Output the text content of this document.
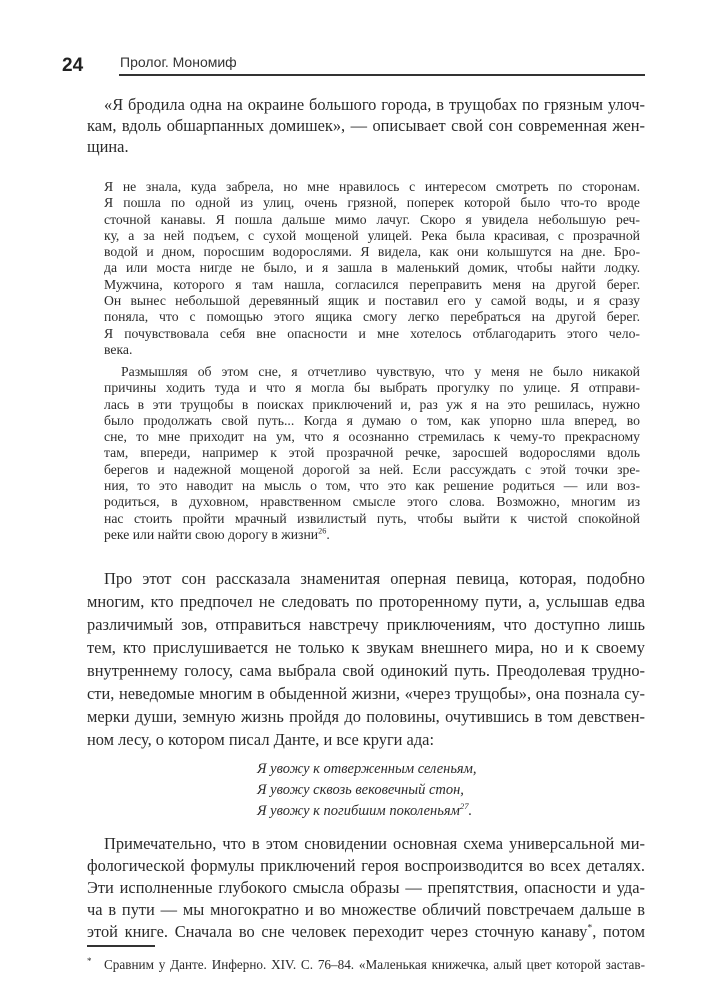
24	Пролог. Мономиф
«Я бродила одна на окраине большого города, в трущобах по грязным улоч-
кам, вдоль обшарпанных домишек», — описывает свой сон современная жен-
щина.
Я не знала, куда забрела, но мне нравилось с интересом смотреть по сторонам.
Я пошла по одной из улиц, очень грязной, поперек которой было что-то вроде
сточной канавы. Я пошла дальше мимо лачуг. Скоро я увидела небольшую реч-
ку, а за ней подъем, с сухой мощеной улицей. Река была красивая, с прозрачной
водой и дном, поросшим водорослями. Я видела, как они колышутся на дне. Бро-
да или моста нигде не было, и я зашла в маленький домик, чтобы найти лодку.
Мужчина, которого я там нашла, согласился переправить меня на другой берег.
Он вынес небольшой деревянный ящик и поставил его у самой воды, и я сразу
поняла, что с помощью этого ящика смогу легко перебраться на другой берег.
Я почувствовала себя вне опасности и мне хотелось отблагодарить этого чело-
века.
Размышляя об этом сне, я отчетливо чувствую, что у меня не было никакой
причины ходить туда и что я могла бы выбрать прогулку по улице. Я отправи-
лась в эти трущобы в поисках приключений и, раз уж я на это решилась, нужно
было продолжать свой путь... Когда я думаю о том, как упорно шла вперед, во
сне, то мне приходит на ум, что я осознанно стремилась к чему-то прекрасному
там, впереди, например к этой прозрачной речке, заросшей водорослями вдоль
берегов и надежной мощеной дорогой за ней. Если рассуждать с этой точки зре-
ния, то это наводит на мысль о том, что это как решение родиться — или воз-
родиться, в духовном, нравственном смысле этого слова. Возможно, многим из
нас стоить пройти мрачный извилистый путь, чтобы выйти к чистой спокойной
реке или найти свою дорогу в жизни$^{26}$.
Про этот сон рассказала знаменитая оперная певица, которая, подобно
многим, кто предпочел не следовать по проторенному пути, а, услышав едва
различимый зов, отправиться навстречу приключениям, что доступно лишь
тем, кто прислушивается не только к звукам внешнего мира, но и к своему
внутреннему голосу, сама выбрала свой одинокий путь. Преодолевая трудно-
сти, неведомые многим в обыденной жизни, «через трущобы», она познала су-
мерки души, земную жизнь пройдя до половины, очутившись в том девствен-
ном лесу, о котором писал Данте, и все круги ада:
Я увожу к отверженным селеньям,
Я увожу сквозь вековечный стон,
Я увожу к погибшим поколеньям$^{27}$.
Примечательно, что в этом сновидении основная схема универсальной ми-
фологической формулы приключений героя воспроизводится во всех деталях.
Эти исполненные глубокого смысла образы — препятствия, опасности и уда-
ча в пути — мы многократно и во множестве обличий повстречаем дальше в
этой книге. Сначала во сне человек переходит через сточную канаву*, потом
* Сравним у Данте. Инферно. XIV. С. 76–84. «Маленькая книжечка, алый цвет которой застав-
